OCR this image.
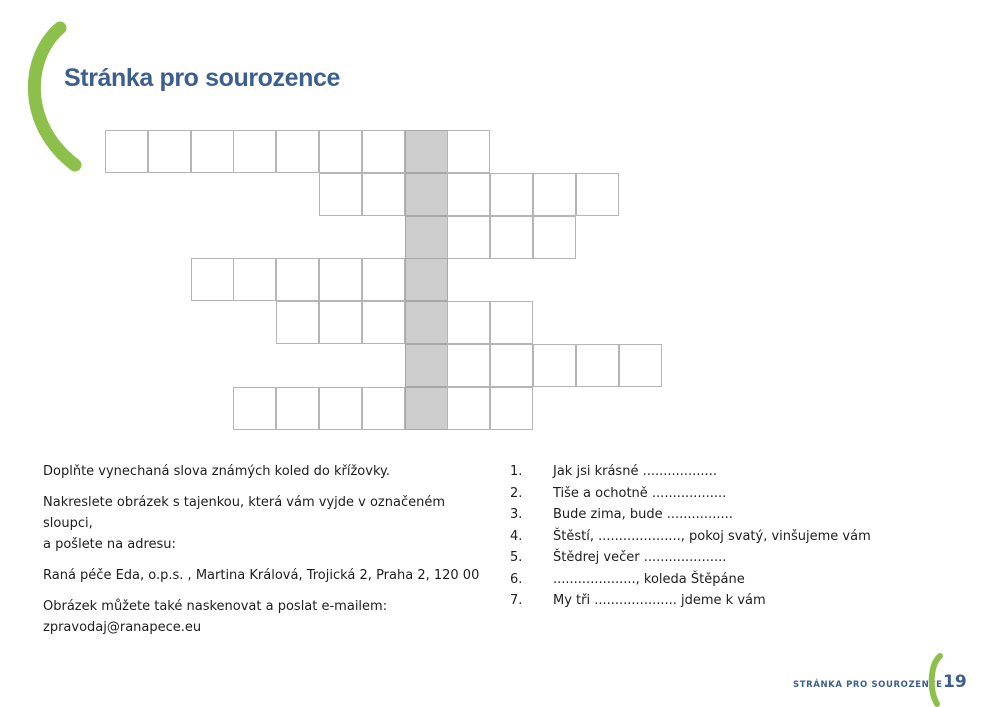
Stránka pro sourozence

Doplňte vynechaná slova známých koled do křížovky.

Nakreslete obrázek s tajenkou, která vám vyjde v označeném sloupci,
a pošlete na adresu:

Raná péče Eda, o.p.s. , Martina Králová, Trojická 2, Praha 2, 120 00

Obrázek můžete také naskenovat a poslat e-mailem:
zpravodaj@ranapece.eu

1.	Jak jsi krásné ..................
2.	Tiše a ochotně ..................
3.	Bude zima, bude ................
4.	Štěstí, ...................., pokoj svatý, vinšujeme vám
5.	Štědrej večer ....................
6.	...................., koleda Štěpáne
7.	My tři .................... jdeme k vám
STRÁNKA PRO SOUROZENCE 19
